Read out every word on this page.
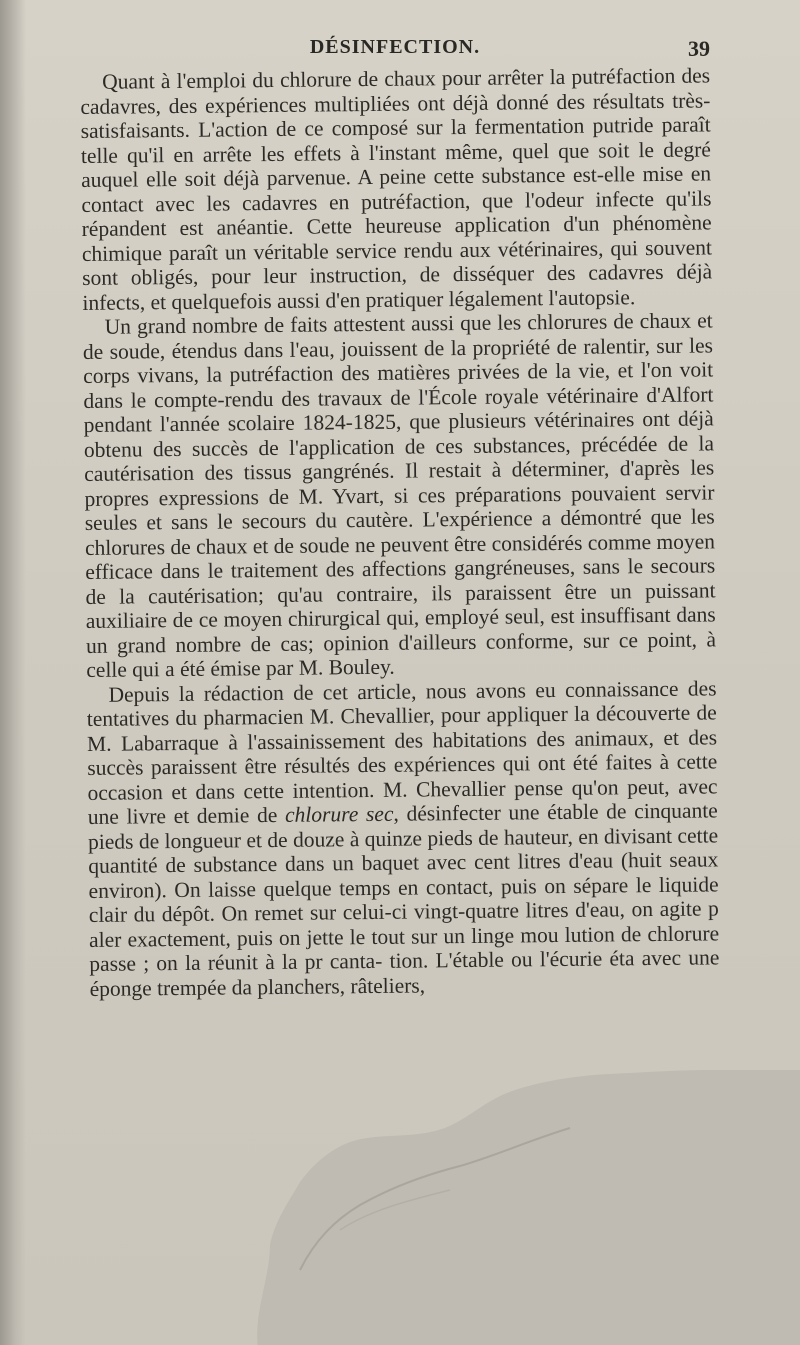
DÉSINFECTION.	39

Quant à l'emploi du chlorure de chaux pour arrêter la putréfaction des cadavres, des expériences multipliées ont déjà donné des résultats très-satisfaisants. L'action de ce composé sur la fermentation putride paraît telle qu'il en arrête les effets à l'instant même, quel que soit le degré auquel elle soit déjà parvenue. A peine cette substance est-elle mise en contact avec les cadavres en putréfaction, que l'odeur infecte qu'ils répandent est anéantie. Cette heureuse application d'un phénomène chimique paraît un véritable service rendu aux vétérinaires, qui souvent sont obligés, pour leur instruction, de disséquer des cadavres déjà infects, et quelquefois aussi d'en pratiquer légalement l'autopsie.

Un grand nombre de faits attestent aussi que les chlorures de chaux et de soude, étendus dans l'eau, jouissent de la propriété de ralentir, sur les corps vivans, la putréfaction des matières privées de la vie, et l'on voit dans le compte-rendu des travaux de l'École royale vétérinaire d'Alfort pendant l'année scolaire 1824-1825, que plusieurs vétérinaires ont déjà obtenu des succès de l'application de ces substances, précédée de la cautérisation des tissus gangrénés. Il restait à déterminer, d'après les propres expressions de M. Yvart, si ces préparations pouvaient servir seules et sans le secours du cautère. L'expérience a démontré que les chlorures de chaux et de soude ne peuvent être considérés comme moyen efficace dans le traitement des affections gangréneuses, sans le secours de la cautérisation; qu'au contraire, ils paraissent être un puissant auxiliaire de ce moyen chirurgical qui, employé seul, est insuffisant dans un grand nombre de cas; opinion d'ailleurs conforme, sur ce point, à celle qui a été émise par M. Bouley.

Depuis la rédaction de cet article, nous avons eu connaissance des tentatives du pharmacien M. Chevallier, pour appliquer la découverte de M. Labarraque à l'assainissement des habitations des animaux, et des succès paraissent être résultés des expériences qui ont été faites à cette occasion et dans cette intention. M. Chevallier pense qu'on peut, avec une livre et demie de chlorure sec, désinfecter une étable de cinquante pieds de longueur et de douze à quinze pieds de hauteur, en divisant cette quantité de substance dans un baquet avec cent litres d'eau (huit seaux environ). On laisse quelque temps en contact, puis on sépare le liquide clair du dépôt. On remet sur celui-ci vingt-quatre litres d'eau, on agite p aler exactement, puis on jette le tout sur un linge mou lution de chlorure passe ; on la réunit à la pr canta- tion. L'étable ou l'écurie éta avec une éponge trempée da planchers, râteliers,
